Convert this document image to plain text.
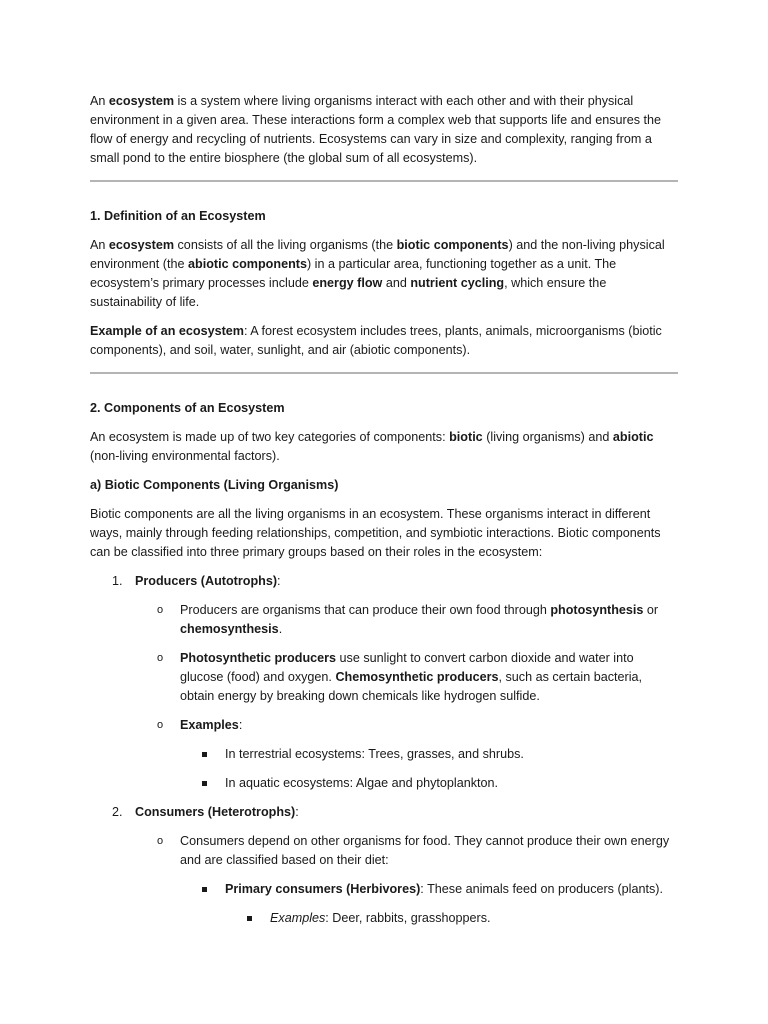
An ecosystem is a system where living organisms interact with each other and with their physical environment in a given area. These interactions form a complex web that supports life and ensures the flow of energy and recycling of nutrients. Ecosystems can vary in size and complexity, ranging from a small pond to the entire biosphere (the global sum of all ecosystems).

1. Definition of an Ecosystem

An ecosystem consists of all the living organisms (the biotic components) and the non-living physical environment (the abiotic components) in a particular area, functioning together as a unit. The ecosystem’s primary processes include energy flow and nutrient cycling, which ensure the sustainability of life.

Example of an ecosystem: A forest ecosystem includes trees, plants, animals, microorganisms (biotic components), and soil, water, sunlight, and air (abiotic components).

2. Components of an Ecosystem

An ecosystem is made up of two key categories of components: biotic (living organisms) and abiotic (non-living environmental factors).

a) Biotic Components (Living Organisms)

Biotic components are all the living organisms in an ecosystem. These organisms interact in different ways, mainly through feeding relationships, competition, and symbiotic interactions. Biotic components can be classified into three primary groups based on their roles in the ecosystem:

1. Producers (Autotrophs):
o Producers are organisms that can produce their own food through photosynthesis or chemosynthesis.
o Photosynthetic producers use sunlight to convert carbon dioxide and water into glucose (food) and oxygen. Chemosynthetic producers, such as certain bacteria, obtain energy by breaking down chemicals like hydrogen sulfide.
o Examples:
In terrestrial ecosystems: Trees, grasses, and shrubs.
In aquatic ecosystems: Algae and phytoplankton.
2. Consumers (Heterotrophs):
o Consumers depend on other organisms for food. They cannot produce their own energy and are classified based on their diet:
Primary consumers (Herbivores): These animals feed on producers (plants).
Examples: Deer, rabbits, grasshoppers.
